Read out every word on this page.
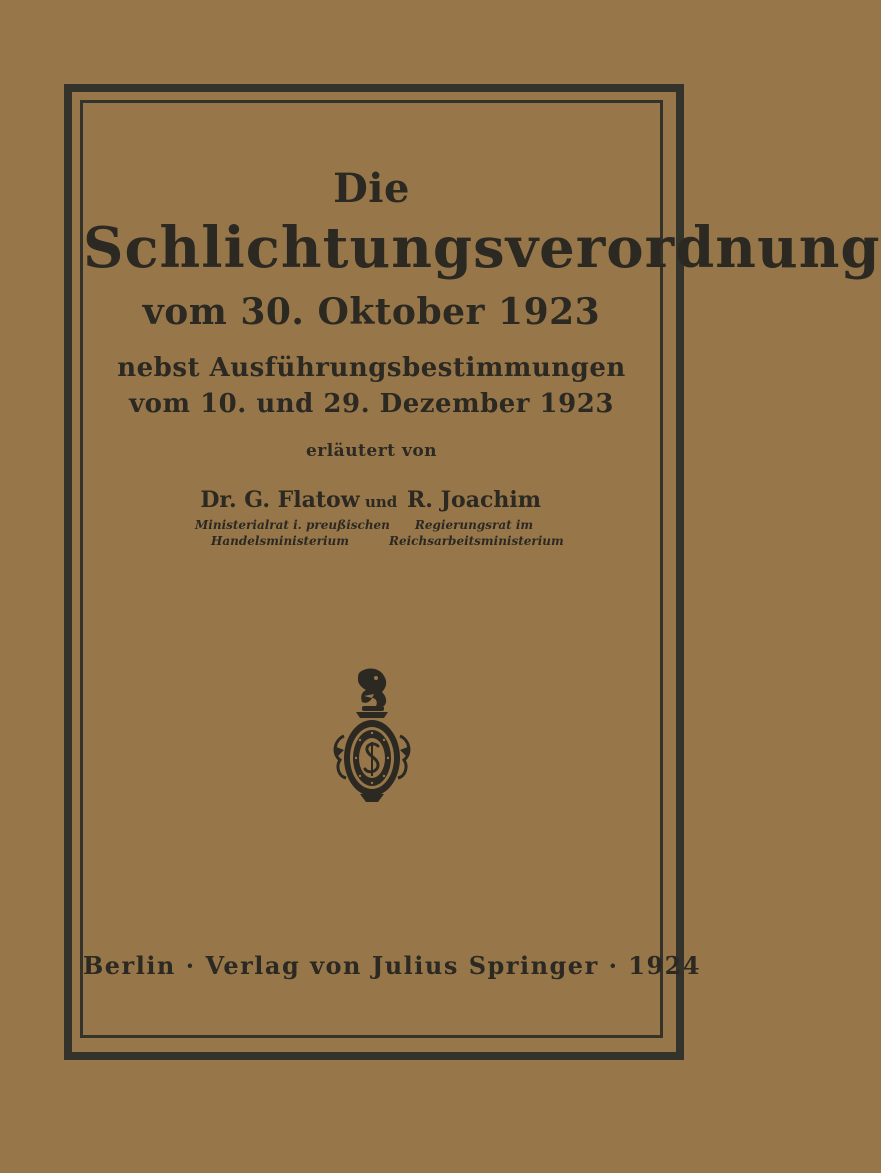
Die
Schlichtungsverordnung
vom 30. Oktober 1923
nebst Ausführungsbestimmungen
vom 10. und 29. Dezember 1923
erläutert von
Dr. G. Flatow
Ministerialrat i. preußischen
Handelsministerium
und R. Joachim
Regierungsrat im
Reichsarbeitsministerium
Berlin · Verlag von Julius Springer · 1924
